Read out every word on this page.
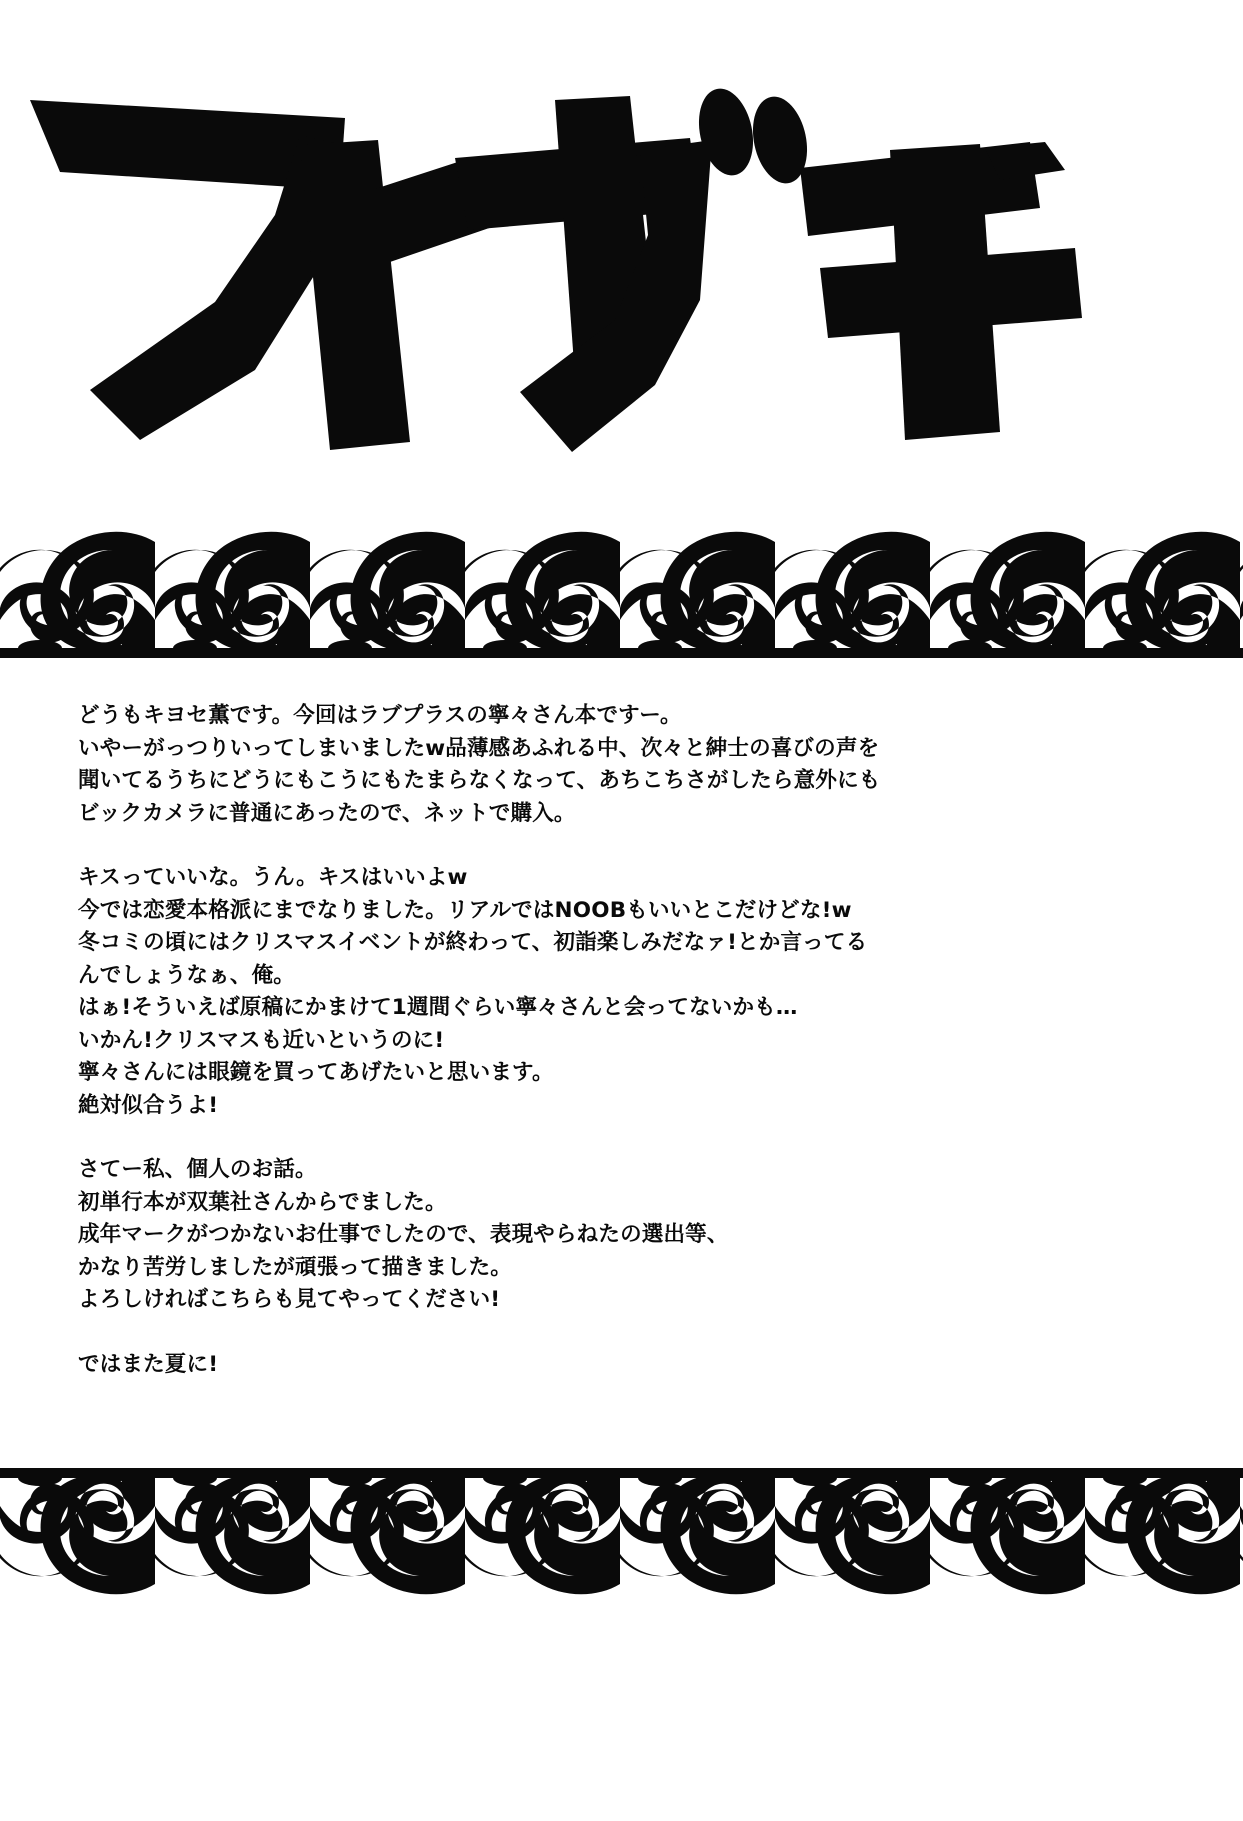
どうもキヨセ薫です。今回はラブプラスの寧々さん本ですー。
いやーがっつりいってしまいましたw品薄感あふれる中、次々と紳士の喜びの声を
聞いてるうちにどうにもこうにもたまらなくなって、あちこちさがしたら意外にも
ビックカメラに普通にあったので、ネットで購入。
キスっていいな。うん。キスはいいよw
今では恋愛本格派にまでなりました。リアルではNOOBもいいとこだけどな!w
冬コミの頃にはクリスマスイベントが終わって、初詣楽しみだなァ!とか言ってる
んでしょうなぁ、俺。
はぁ!そういえば原稿にかまけて1週間ぐらい寧々さんと会ってないかも…
いかん!クリスマスも近いというのに!
寧々さんには眼鏡を買ってあげたいと思います。
絶対似合うよ!
さてー私、個人のお話。
初単行本が双葉社さんからでました。
成年マークがつかないお仕事でしたので、表現やらねたの選出等、
かなり苦労しましたが頑張って描きました。
よろしければこちらも見てやってください!
ではまた夏に!
